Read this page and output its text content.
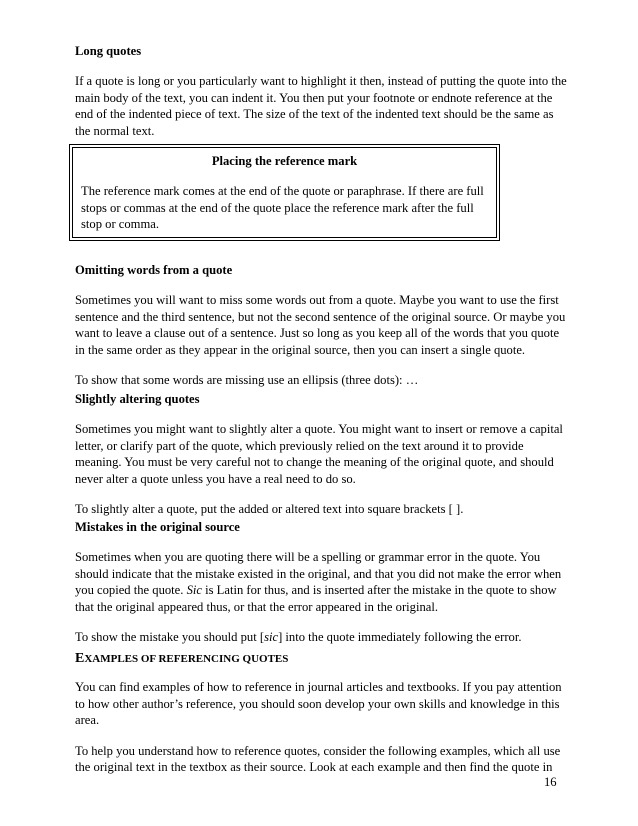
Long quotes

If a quote is long or you particularly want to highlight it then, instead of putting the quote into the main body of the text, you can indent it. You then put your footnote or endnote reference at the end of the indented piece of text. The size of the text of the indented text should be the same as the normal text.

Placing the reference mark

The reference mark comes at the end of the quote or paraphrase. If there are full stops or commas at the end of the quote place the reference mark after the full stop or comma.

Omitting words from a quote

Sometimes you will want to miss some words out from a quote. Maybe you want to use the first sentence and the third sentence, but not the second sentence of the original source. Or maybe you want to leave a clause out of a sentence. Just so long as you keep all of the words that you quote in the same order as they appear in the original source, then you can insert a single quote.

To show that some words are missing use an ellipsis (three dots): …

Slightly altering quotes

Sometimes you might want to slightly alter a quote. You might want to insert or remove a capital letter, or clarify part of the quote, which previously relied on the text around it to provide meaning. You must be very careful not to change the meaning of the original quote, and should never alter a quote unless you have a real need to do so.

To slightly alter a quote, put the added or altered text into square brackets [ ].

Mistakes in the original source

Sometimes when you are quoting there will be a spelling or grammar error in the quote. You should indicate that the mistake existed in the original, and that you did not make the error when you copied the quote. Sic is Latin for thus, and is inserted after the mistake in the quote to show that the original appeared thus, or that the error appeared in the original.

To show the mistake you should put [sic] into the quote immediately following the error.

EXAMPLES OF REFERENCING QUOTES

You can find examples of how to reference in journal articles and textbooks. If you pay attention to how other author’s reference, you should soon develop your own skills and knowledge in this area.

To help you understand how to reference quotes, consider the following examples, which all use the original text in the textbox as their source. Look at each example and then find the quote in

16
